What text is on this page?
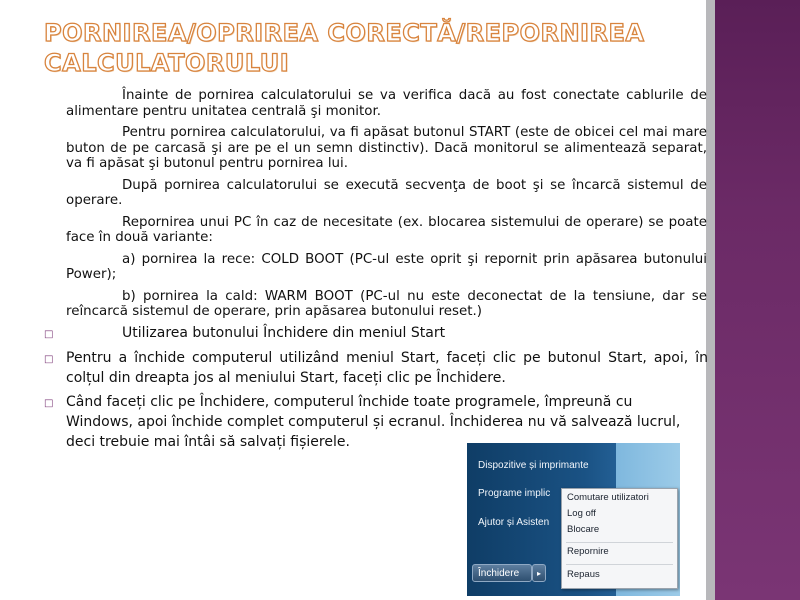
PORNIREA/OPRIREA CORECTĂ/REPORNIREA CALCULATORULUI

Înainte de pornirea calculatorului se va verifica dacă au fost conectate cablurile de alimentare pentru unitatea centrală şi monitor.

Pentru pornirea calculatorului, va fi apăsat butonul START (este de obicei cel mai mare buton de pe carcasă şi are pe el un semn distinctiv). Dacă monitorul se alimentează separat, va fi apăsat şi butonul pentru pornirea lui.

După pornirea calculatorului se execută secvenţa de boot şi se încarcă sistemul de operare.

Repornirea unui PC în caz de necesitate (ex. blocarea sistemului de operare) se poate face în două variante:

a) pornirea la rece: COLD BOOT (PC-ul este oprit şi repornit prin apăsarea butonului Power);

b) pornirea la cald: WARM BOOT (PC-ul nu este deconectat de la tensiune, dar se reîncarcă sistemul de operare, prin apăsarea butonului reset.)

□	Utilizarea butonului Închidere din meniul Start
□ Pentru a închide computerul utilizând meniul Start, faceți clic pe butonul Start, apoi, în colțul din dreapta jos al meniului Start, faceți clic pe Închidere.
□ Când faceți clic pe Închidere, computerul închide toate programele, împreună cu Windows, apoi închide complet computerul și ecranul. Închiderea nu vă salvează lucrul, deci trebuie mai întâi să salvați fișierele.
Dispozitive și imprimante
Programe implic
Ajutor și Asisten
Închidere	▸
Comutare utilizatori
Log off
Blocare
Repornire
Repaus
